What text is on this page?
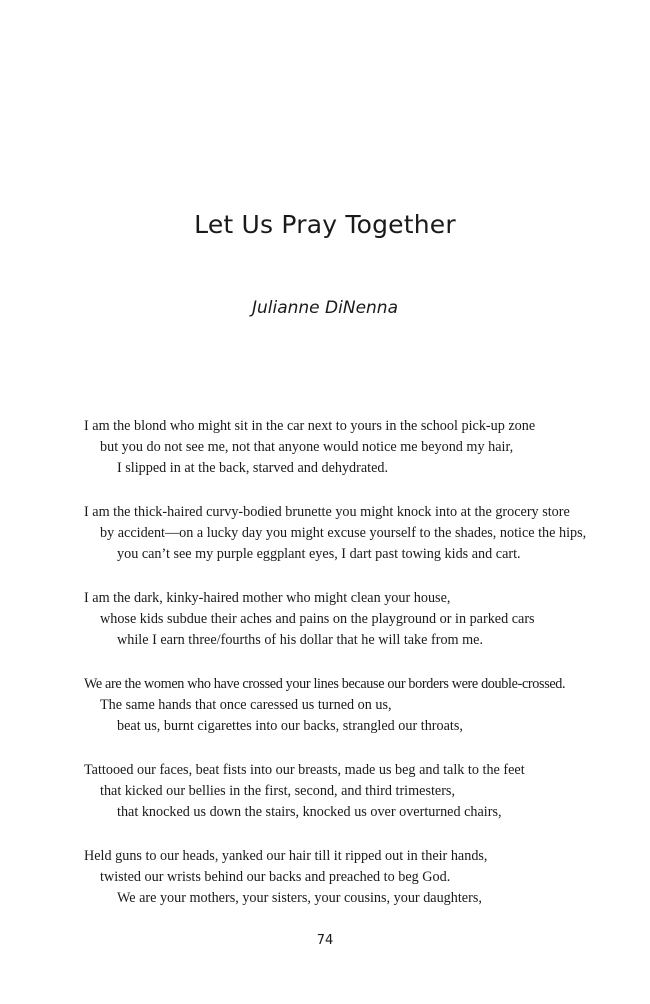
Let Us Pray Together
Julianne DiNenna
I am the blond who might sit in the car next to yours in the school pick-up zone
but you do not see me, not that anyone would notice me beyond my hair,
I slipped in at the back, starved and dehydrated.
I am the thick-haired curvy-bodied brunette you might knock into at the grocery store
by accident—on a lucky day you might excuse yourself to the shades, notice the hips,
you can’t see my purple eggplant eyes, I dart past towing kids and cart.
I am the dark, kinky-haired mother who might clean your house,
whose kids subdue their aches and pains on the playground or in parked cars
while I earn three/fourths of his dollar that he will take from me.
We are the women who have crossed your lines because our borders were double-crossed.
The same hands that once caressed us turned on us,
beat us, burnt cigarettes into our backs, strangled our throats,
Tattooed our faces, beat fists into our breasts, made us beg and talk to the feet
that kicked our bellies in the first, second, and third trimesters,
that knocked us down the stairs, knocked us over overturned chairs,
Held guns to our heads, yanked our hair till it ripped out in their hands,
twisted our wrists behind our backs and preached to beg God.
We are your mothers, your sisters, your cousins, your daughters,
74
